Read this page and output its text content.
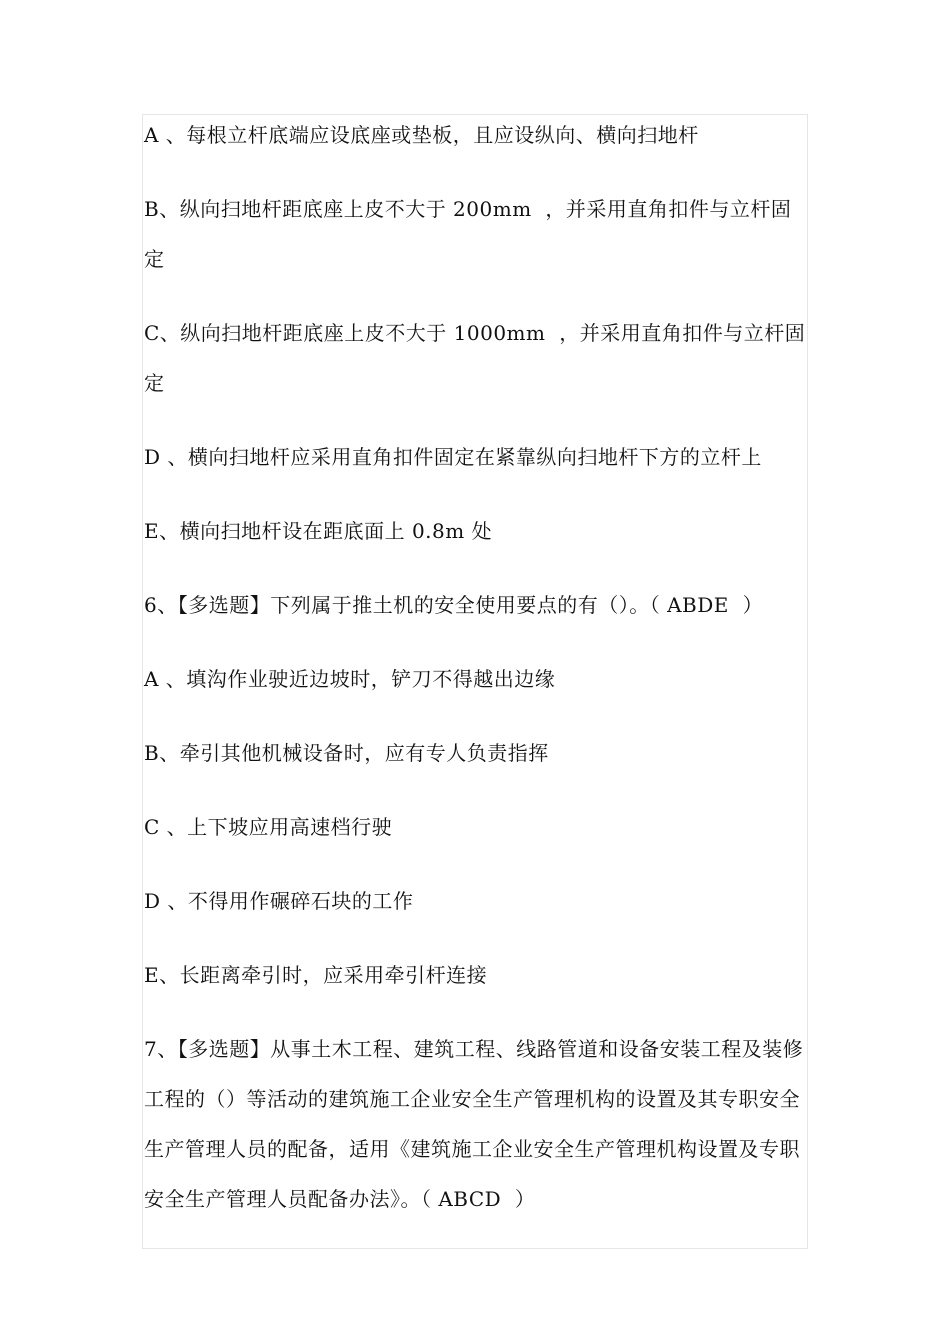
A 、每根立杆底端应设底座或垫板，且应设纵向、横向扫地杆

B、纵向扫地杆距底座上皮不大于 200mm  ，并采用直角扣件与立杆固定

C、纵向扫地杆距底座上皮不大于 1000mm  ，并采用直角扣件与立杆固定

D 、横向扫地杆应采用直角扣件固定在紧靠纵向扫地杆下方的立杆上

E、横向扫地杆设在距底面上 0.8m 处

6、【多选题】下列属于推土机的安全使用要点的有（）。（ ABDE  ）

A 、填沟作业驶近边坡时，铲刀不得越出边缘

B、牵引其他机械设备时，应有专人负责指挥

C 、上下坡应用高速档行驶

D 、不得用作碾碎石块的工作

E、长距离牵引时，应采用牵引杆连接

7、【多选题】从事土木工程、建筑工程、线路管道和设备安装工程及装修工程的（）等活动的建筑施工企业安全生产管理机构的设置及其专职安全生产管理人员的配备，适用《建筑施工企业安全生产管理机构设置及专职安全生产管理人员配备办法》。（ ABCD  ）
